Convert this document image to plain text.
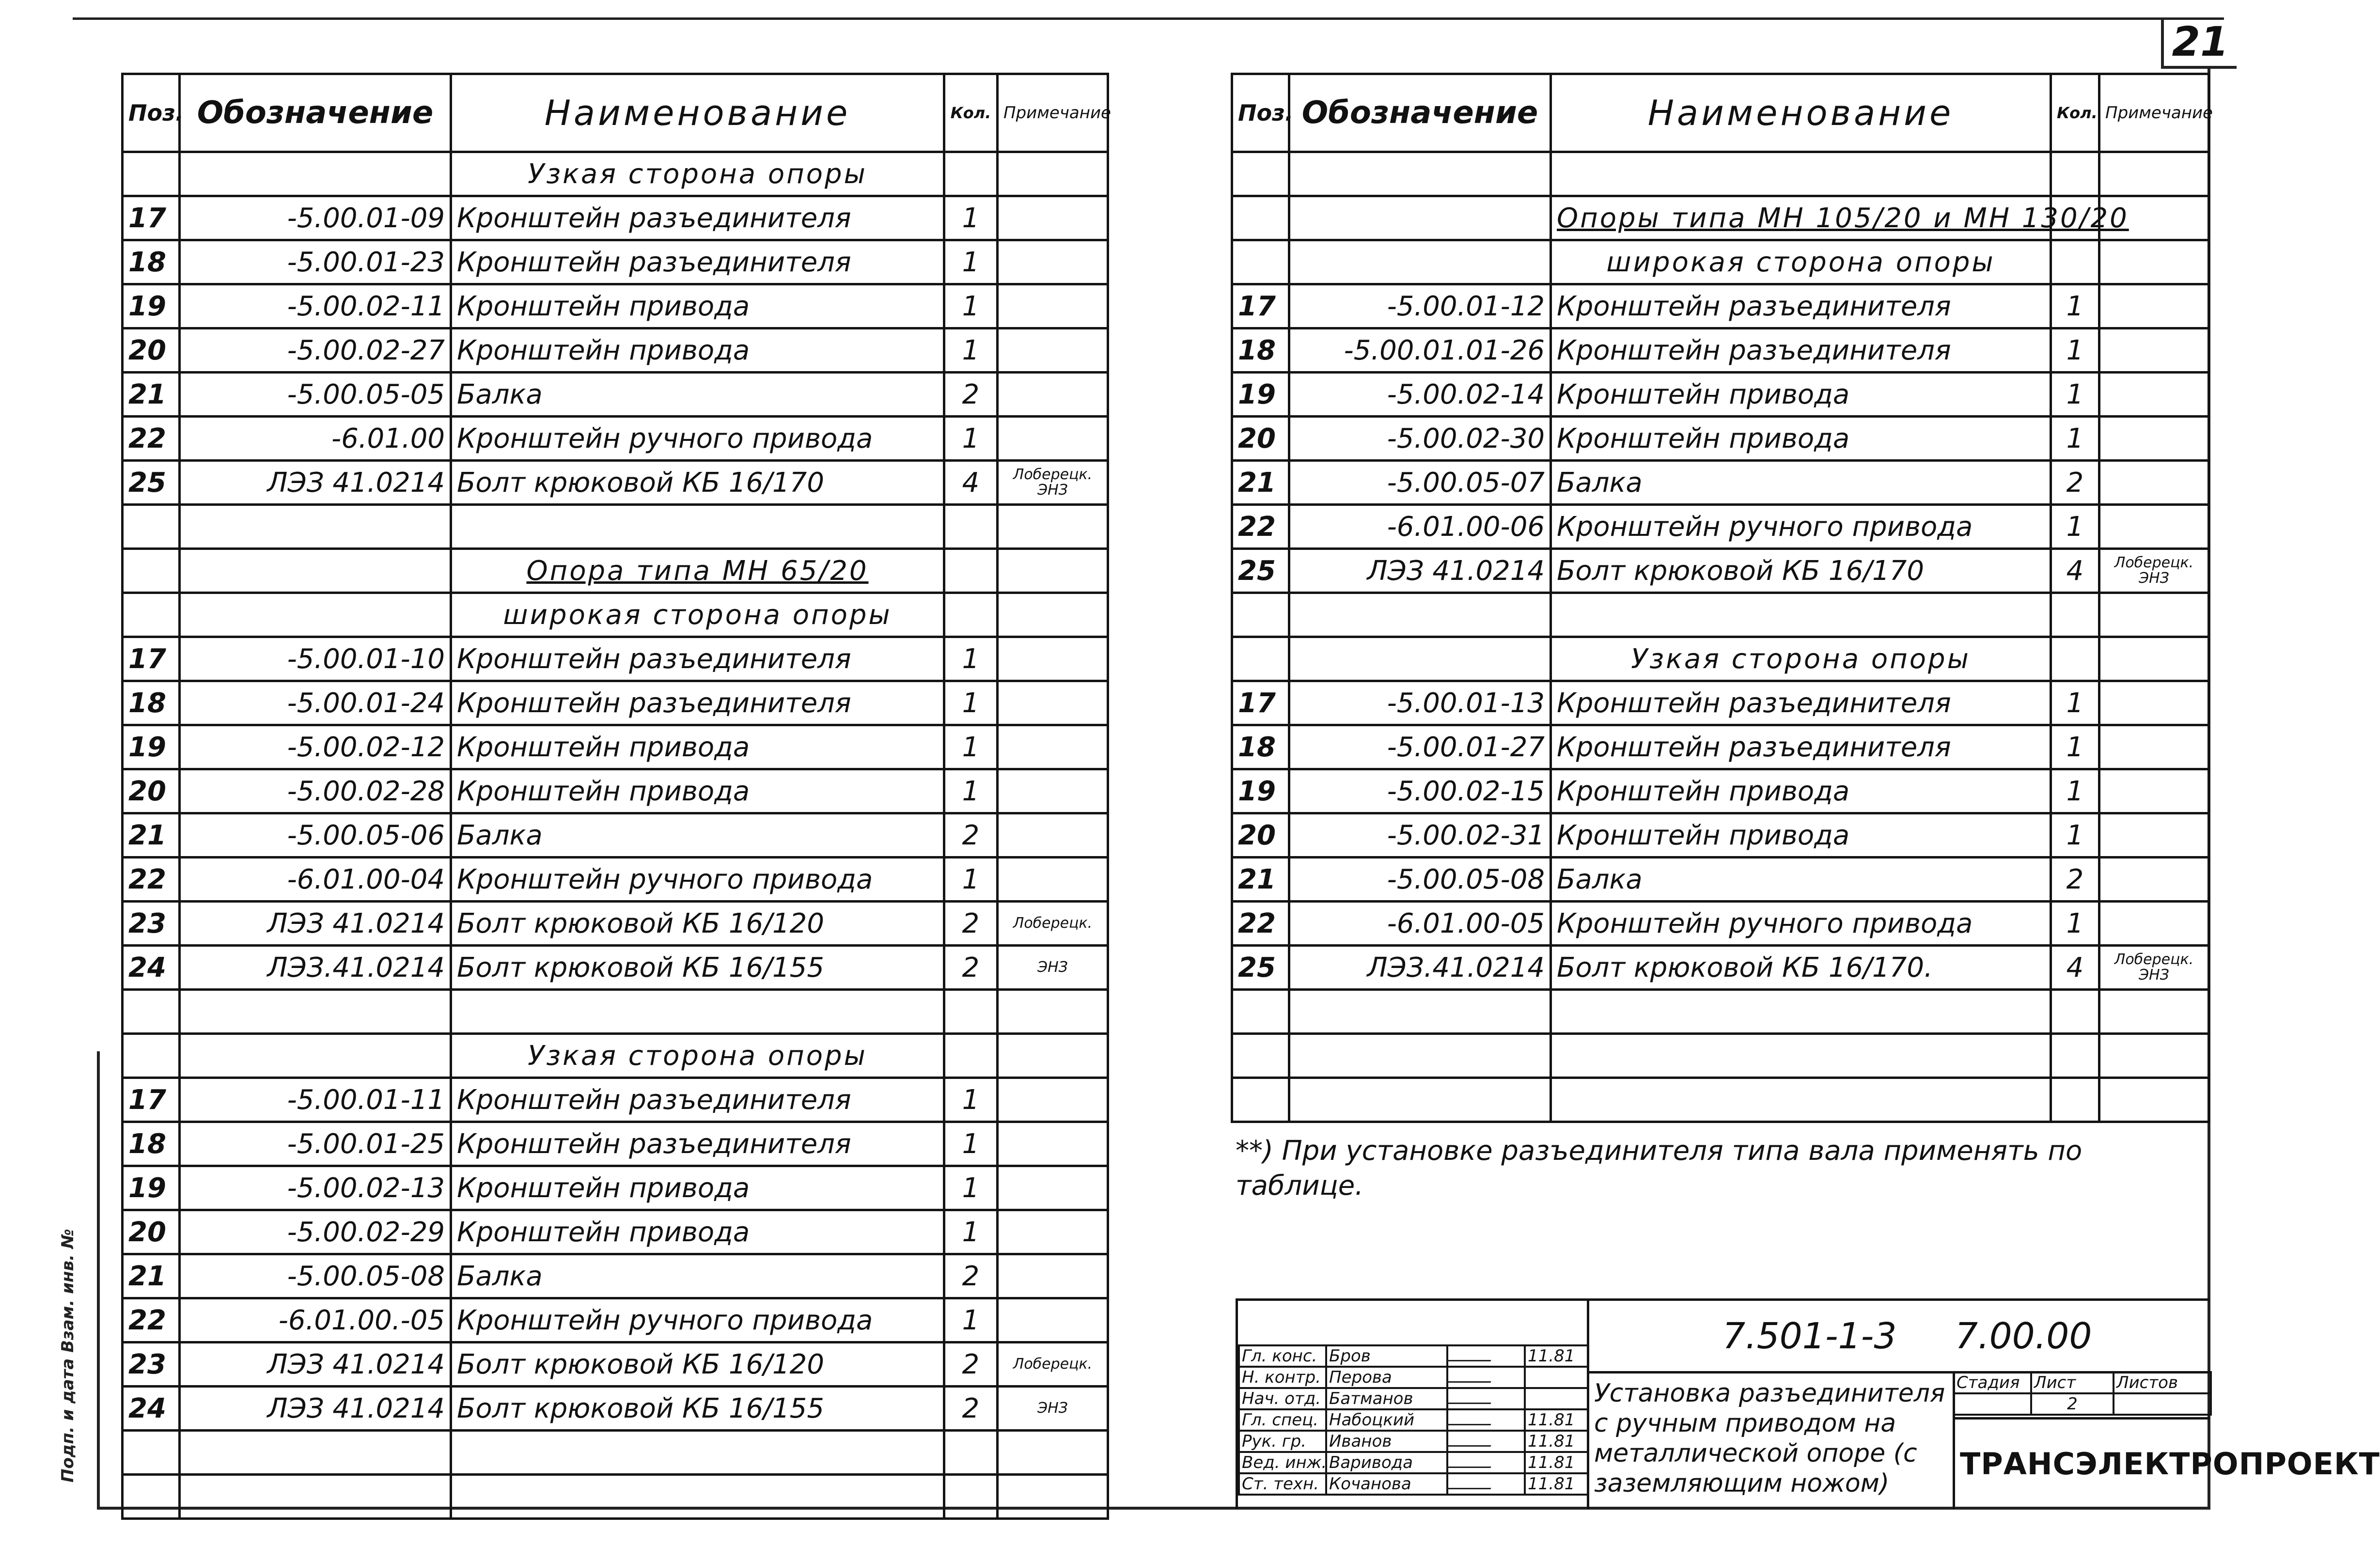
21
Подп. и дата Взам. инв. №
Поз.	Обозначение	Наименование	Кол.	Примечание
		Узкая сторона опоры		
17	-5.00.01-09	Кронштейн разъединителя	1	
18	-5.00.01-23	Кронштейн разъединителя	1	
19	-5.00.02-11	Кронштейн привода	1	
20	-5.00.02-27	Кронштейн привода	1	
21	-5.00.05-05	Балка	2	
22	-6.01.00	Кронштейн ручного привода	1	
25	ЛЭЗ 41.0214	Болт крюковой КБ 16/170	4	Лоберецк. ЭНЗ

		Опора типа МН 65/20		
		широкая сторона опоры		
17	-5.00.01-10	Кронштейн разъединителя	1	
18	-5.00.01-24	Кронштейн разъединителя	1	
19	-5.00.02-12	Кронштейн привода	1	
20	-5.00.02-28	Кронштейн привода	1	
21	-5.00.05-06	Балка	2	
22	-6.01.00-04	Кронштейн ручного привода	1	
23	ЛЭЗ 41.0214	Болт крюковой КБ 16/120	2	Лоберецк.
24	ЛЭЗ.41.0214	Болт крюковой КБ 16/155	2	ЭНЗ

		Узкая сторона опоры		
17	-5.00.01-11	Кронштейн разъединителя	1	
18	-5.00.01-25	Кронштейн разъединителя	1	
19	-5.00.02-13	Кронштейн привода	1	
20	-5.00.02-29	Кронштейн привода	1	
21	-5.00.05-08	Балка	2	
22	-6.01.00.-05	Кронштейн ручного привода	1	
23	ЛЭЗ 41.0214	Болт крюковой КБ 16/120	2	Лоберецк.
24	ЛЭЗ 41.0214	Болт крюковой КБ 16/155	2	ЭНЗ

Поз.	Обозначение	Наименование	Кол.	Примечание

		Опоры типа МН 105/20 и МН 130/20		
		широкая сторона опоры		
17	-5.00.01-12	Кронштейн разъединителя	1	
18	-5.00.01.01-26	Кронштейн разъединителя	1	
19	-5.00.02-14	Кронштейн привода	1	
20	-5.00.02-30	Кронштейн привода	1	
21	-5.00.05-07	Балка	2	
22	-6.01.00-06	Кронштейн ручного привода	1	
25	ЛЭЗ 41.0214	Болт крюковой КБ 16/170	4	Лоберецк. ЭНЗ

		Узкая сторона опоры		
17	-5.00.01-13	Кронштейн разъединителя	1	
18	-5.00.01-27	Кронштейн разъединителя	1	
19	-5.00.02-15	Кронштейн привода	1	
20	-5.00.02-31	Кронштейн привода	1	
21	-5.00.05-08	Балка	2	
22	-6.01.00-05	Кронштейн ручного привода	1	
25	ЛЭЗ.41.0214	Болт крюковой КБ 16/170.	4	Лоберецк. ЭНЗ

**) При установке разъединителя типа вала применять по таблице.
Гл. конс.	Бров		11.81
Н. контр.	Перова		
Нач. отд.	Батманов		
Гл. спец.	Набоцкий		11.81
Рук. гр.	Иванов		11.81
Вед. инж.	Варивода		11.81
Ст. техн.	Кочанова		11.81
7.501-1-3 7.00.00
Установка разъединителя с ручным приводом на металлической опоре (с заземляющим ножом)
Стадия	Лист	Листов
	2	
ТРАНСЭЛЕКТРОПРОЕКТ
